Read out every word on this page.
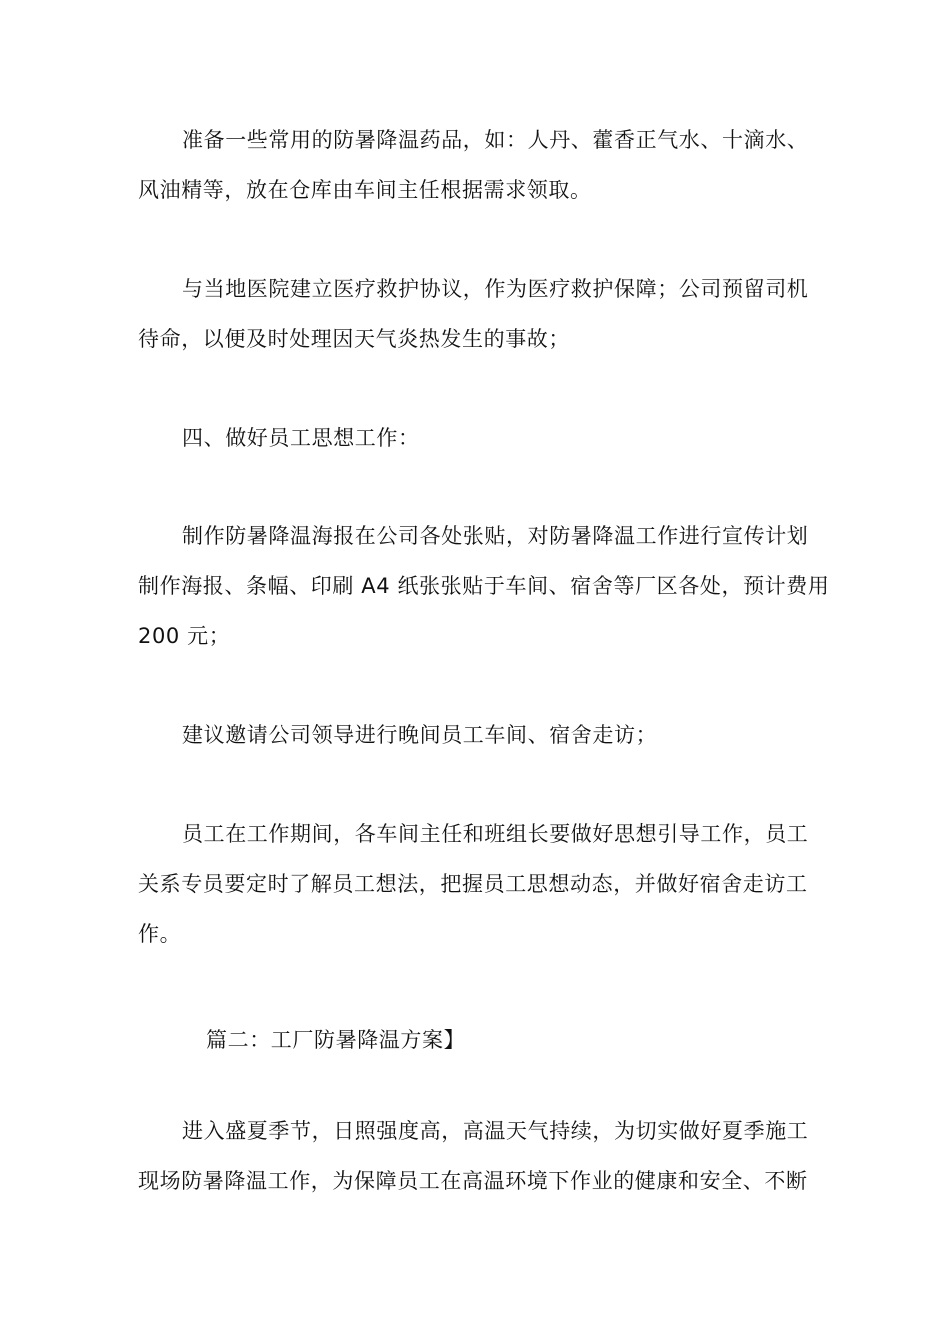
准备一些常用的防暑降温药品，如：人丹、藿香正气水、十滴水、
风油精等，放在仓库由车间主任根据需求领取。
与当地医院建立医疗救护协议，作为医疗救护保障；公司预留司机
待命，以便及时处理因天气炎热发生的事故；
四、做好员工思想工作：
制作防暑降温海报在公司各处张贴，对防暑降温工作进行宣传计划
制作海报、条幅、印刷 A4 纸张张贴于车间、宿舍等厂区各处，预计费用
200 元；
建议邀请公司领导进行晚间员工车间、宿舍走访；
员工在工作期间，各车间主任和班组长要做好思想引导工作，员工
关系专员要定时了解员工想法，把握员工思想动态，并做好宿舍走访工
作。
篇二：工厂防暑降温方案】
进入盛夏季节，日照强度高，高温天气持续，为切实做好夏季施工
现场防暑降温工作，为保障员工在高温环境下作业的健康和安全、不断
